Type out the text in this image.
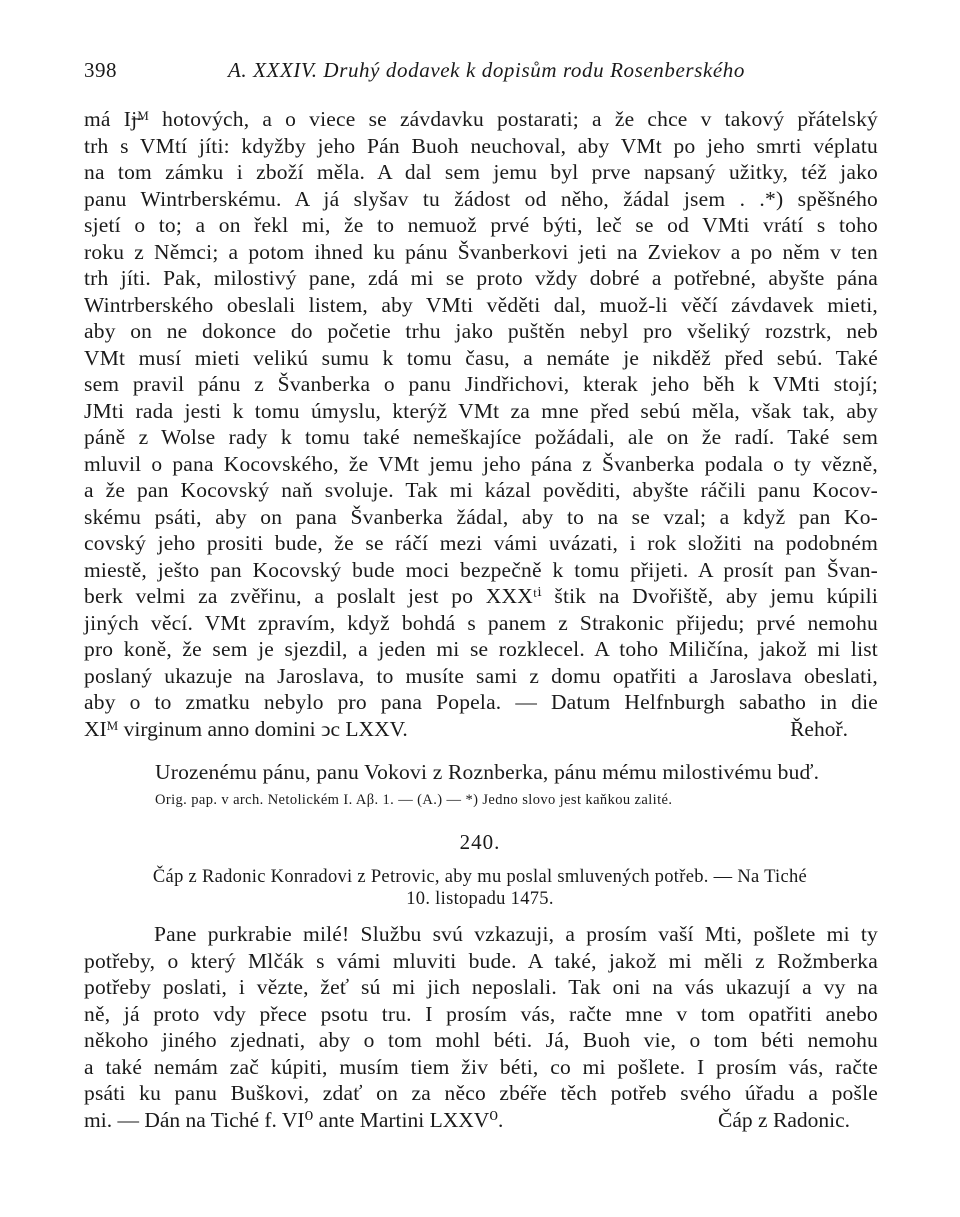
398	A. XXXIV. Druhý dodavek k dopisům rodu Rosenberského
má Ij̶ᴹ hotových, a o viece se závdavku postarati; a že chce v takový přátelský
trh s VMtí jíti: kdyžby jeho Pán Buoh neuchoval, aby VMt po jeho smrti véplatu
na tom zámku i zboží měla. A dal sem jemu byl prve napsaný užitky, též jako
panu Wintrberskému. A já slyšav tu žádost od něho, žádal jsem . .*) spěšného
sjetí o to; a on řekl mi, že to nemuož prvé býti, leč se od VMti vrátí s toho
roku z Němci; a potom ihned ku pánu Švanberkovi jeti na Zviekov a po něm v ten
trh jíti. Pak, milostivý pane, zdá mi se proto vždy dobré a potřebné, abyšte pána
Wintrberského obeslali listem, aby VMti věděti dal, muož-li věčí závdavek mieti,
aby on ne dokonce do početie trhu jako puštěn nebyl pro všeliký rozstrk, neb
VMt musí mieti velikú sumu k tomu času, a nemáte je nikděž před sebú. Také
sem pravil pánu z Švanberka o panu Jindřichovi, kterak jeho běh k VMti stojí;
JMti rada jesti k tomu úmyslu, kterýž VMt za mne před sebú měla, však tak, aby
páně z Wolse rady k tomu také nemeškajíce požádali, ale on že radí. Také sem
mluvil o pana Kocovského, že VMt jemu jeho pána z Švanberka podala o ty vězně,
a že pan Kocovský naň svoluje. Tak mi kázal pověditi, abyšte ráčili panu Kocov-
skému psáti, aby on pana Švanberka žádal, aby to na se vzal; a když pan Ko-
covský jeho prositi bude, že se ráčí mezi vámi uvázati, i rok složiti na podobném
miestě, ješto pan Kocovský bude moci bezpečně k tomu přijeti. A prosít pan Švan-
berk velmi za zvěřinu, a poslalt jest po XXXᵗⁱ štik na Dvořiště, aby jemu kúpili
jiných věcí. VMt zpravím, když bohdá s panem z Strakonic přijedu; prvé nemohu
pro koně, že sem je sjezdil, a jeden mi se rozklecel. A toho Miličína, jakož mi list
poslaný ukazuje na Jaroslava, to musíte sami z domu opatřiti a Jaroslava obeslati,
aby o to zmatku nebylo pro pana Popela. — Datum Helfnburgh sabatho in die
XIᴹ virginum anno domini ↄc LXXV.	Řehoř.
Urozenému pánu, panu Vokovi z Roznberka, pánu mému milostivému buď.
Orig. pap. v arch. Netolickém I. Aβ. 1. — (A.) — *) Jedno slovo jest kaňkou zalité.
240.
Čáp z Radonic Konradovi z Petrovic, aby mu poslal smluvených potřeb. — Na Tiché
10. listopadu 1475.
Pane purkrabie milé! Službu svú vzkazuji, a prosím vaší Mti, pošlete mi ty
potřeby, o který Mlčák s vámi mluviti bude. A také, jakož mi měli z Rožmberka
potřeby poslati, i vězte, žeť sú mi jich neposlali. Tak oni na vás ukazují a vy na
ně, já proto vdy přece psotu tru. I prosím vás, račte mne v tom opatřiti anebo
někoho jiného zjednati, aby o tom mohl béti. Já, Buoh vie, o tom béti nemohu
a také nemám zač kúpiti, musím tiem živ béti, co mi pošlete. I prosím vás, račte
psáti ku panu Buškovi, zdať on za něco zbéře těch potřeb svého úřadu a pošle
mi. — Dán na Tiché f. VI⁰ ante Martini LXXV⁰.	Čáp z Radonic.
